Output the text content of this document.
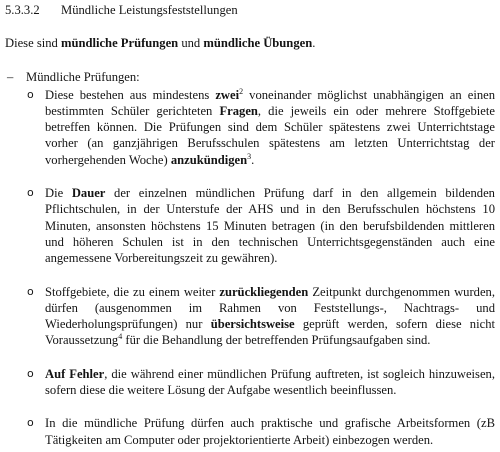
5.3.3.2 Mündliche Leistungsfeststellungen

Diese sind mündliche Prüfungen und mündliche Übungen.

– Mündliche Prüfungen:
o Diese bestehen aus mindestens zwei$^2$ voneinander möglichst unabhängigen an einen bestimmten Schüler gerichteten Fragen, die jeweils ein oder mehrere Stoffgebiete betreffen können. Die Prüfungen sind dem Schüler spätestens zwei Unterrichtstage vorher (an ganzjährigen Berufsschulen spätestens am letzten Unterrichtstag der vorhergehenden Woche) anzukündigen$^3$.

o Die Dauer der einzelnen mündlichen Prüfung darf in den allgemein bildenden Pflichtschulen, in der Unterstufe der AHS und in den Berufsschulen höchstens 10 Minuten, ansonsten höchstens 15 Minuten betragen (in den berufsbildenden mittleren und höheren Schulen ist in den technischen Unterrichtsgegenständen auch eine angemessene Vorbereitungszeit zu gewähren).

o Stoffgebiete, die zu einem weiter zurückliegenden Zeitpunkt durchgenommen wurden, dürfen (ausgenommen im Rahmen von Feststellungs-, Nachtrags- und Wiederholungsprüfungen) nur übersichtsweise geprüft werden, sofern diese nicht Voraussetzung$^4$ für die Behandlung der betreffenden Prüfungsaufgaben sind.

o Auf Fehler, die während einer mündlichen Prüfung auftreten, ist sogleich hinzuweisen, sofern diese die weitere Lösung der Aufgabe wesentlich beeinflussen.

o In die mündliche Prüfung dürfen auch praktische und grafische Arbeitsformen (zB Tätigkeiten am Computer oder projektorientierte Arbeit) einbezogen werden.
